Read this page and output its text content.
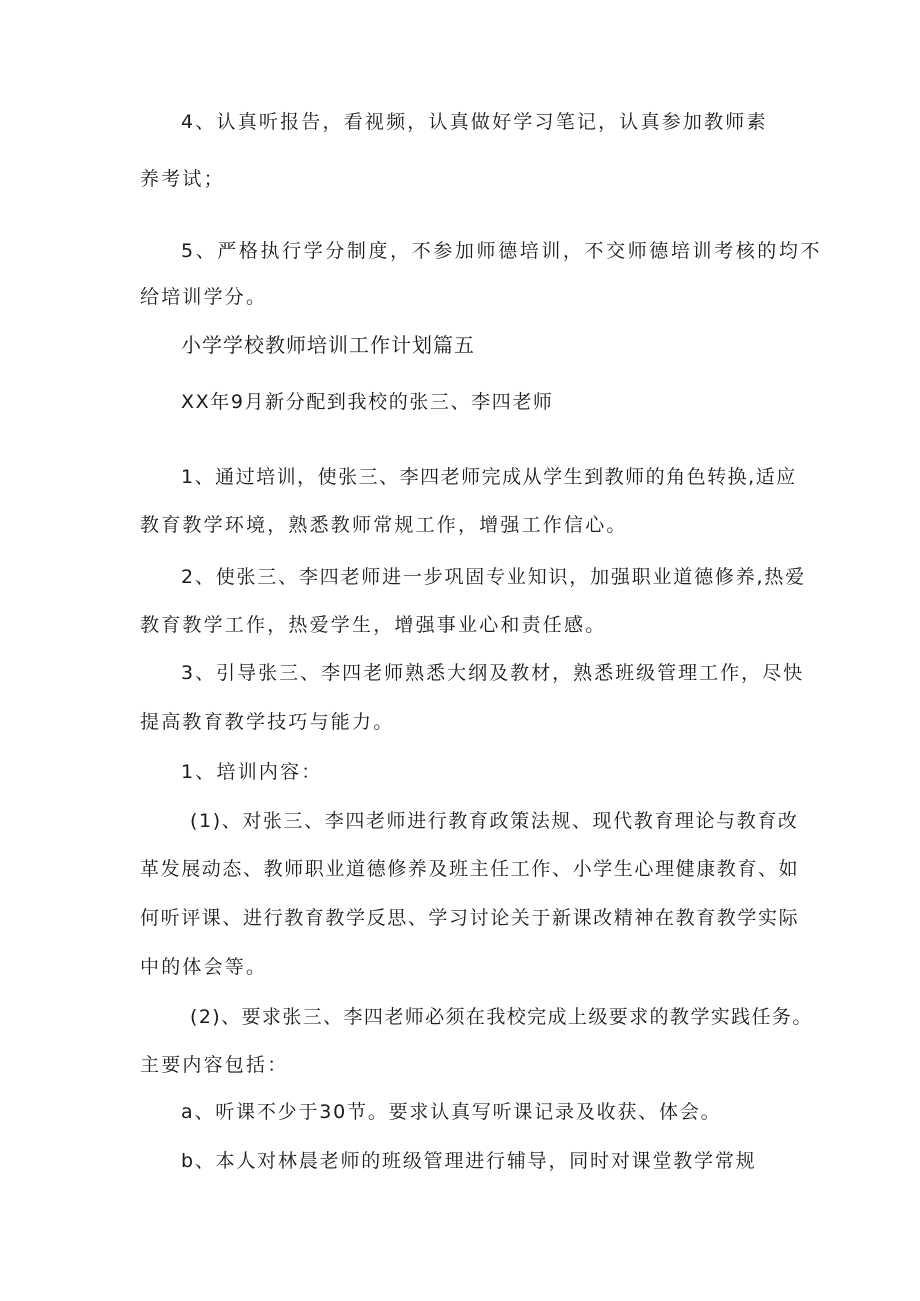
4、认真听报告，看视频，认真做好学习笔记，认真参加教师素
养考试；
5、严格执行学分制度，不参加师德培训，不交师德培训考核的均不
给培训学分。
小学学校教师培训工作计划篇五
XX年9月新分配到我校的张三、李四老师
1、通过培训，使张三、李四老师完成从学生到教师的角色转换,适应
教育教学环境，熟悉教师常规工作，增强工作信心。
2、使张三、李四老师进一步巩固专业知识，加强职业道德修养,热爱
教育教学工作，热爱学生，增强事业心和责任感。
3、引导张三、李四老师熟悉大纲及教材，熟悉班级管理工作，尽快
提高教育教学技巧与能力。
1、培训内容：
(1)、对张三、李四老师进行教育政策法规、现代教育理论与教育改
革发展动态、教师职业道德修养及班主任工作、小学生心理健康教育、如
何听评课、进行教育教学反思、学习讨论关于新课改精神在教育教学实际
中的体会等。
(2)、要求张三、李四老师必须在我校完成上级要求的教学实践任务。
主要内容包括：
a、听课不少于30节。要求认真写听课记录及收获、体会。
b、本人对林晨老师的班级管理进行辅导，同时对课堂教学常规
